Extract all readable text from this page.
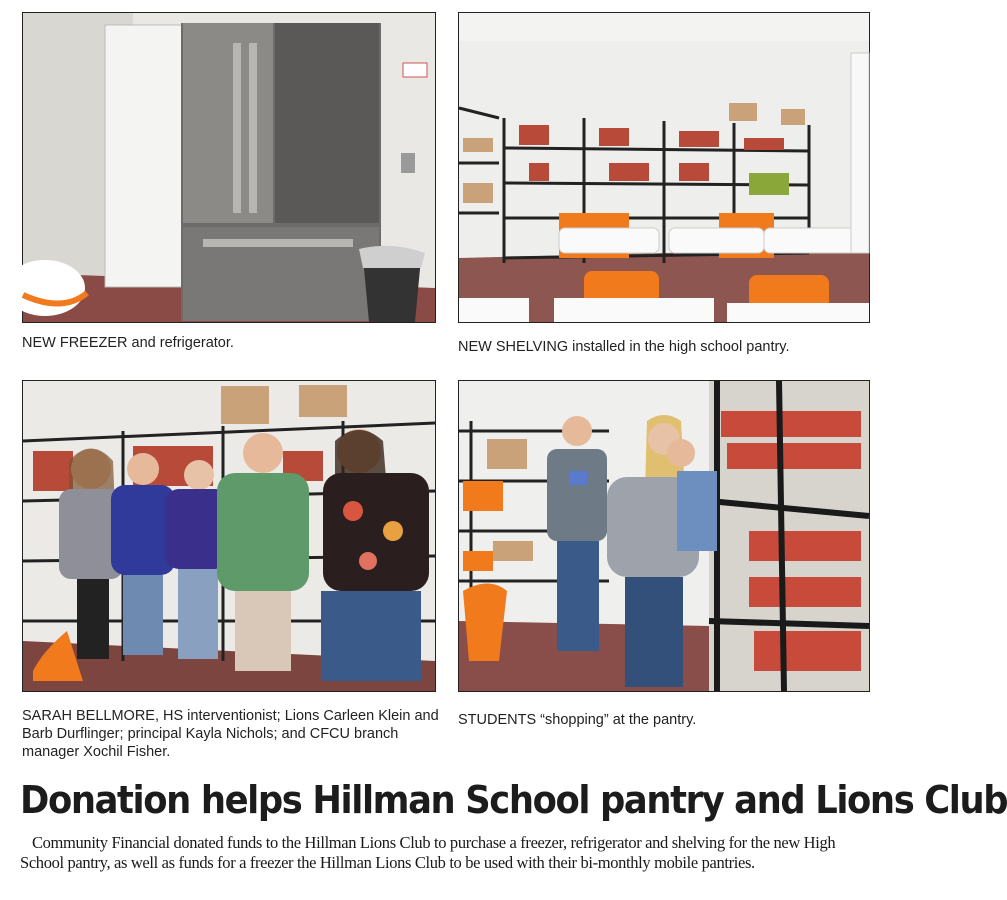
NEW FREEZER and refrigerator.	NEW SHELVING installed in the high school pantry.
SARAH BELLMORE, HS interventionist; Lions Carleen Klein and Barb Durflinger; principal Kayla Nichols; and CFCU branch manager Xochil Fisher.
STUDENTS “shopping” at the pantry.
Donation helps Hillman School pantry and Lions Club
Community Financial donated funds to the Hillman Lions Club to purchase a freezer, refrigerator and shelving for the new High School pantry, as well as funds for a freezer the Hillman Lions Club to be used with their bi-monthly mobile pantries.
